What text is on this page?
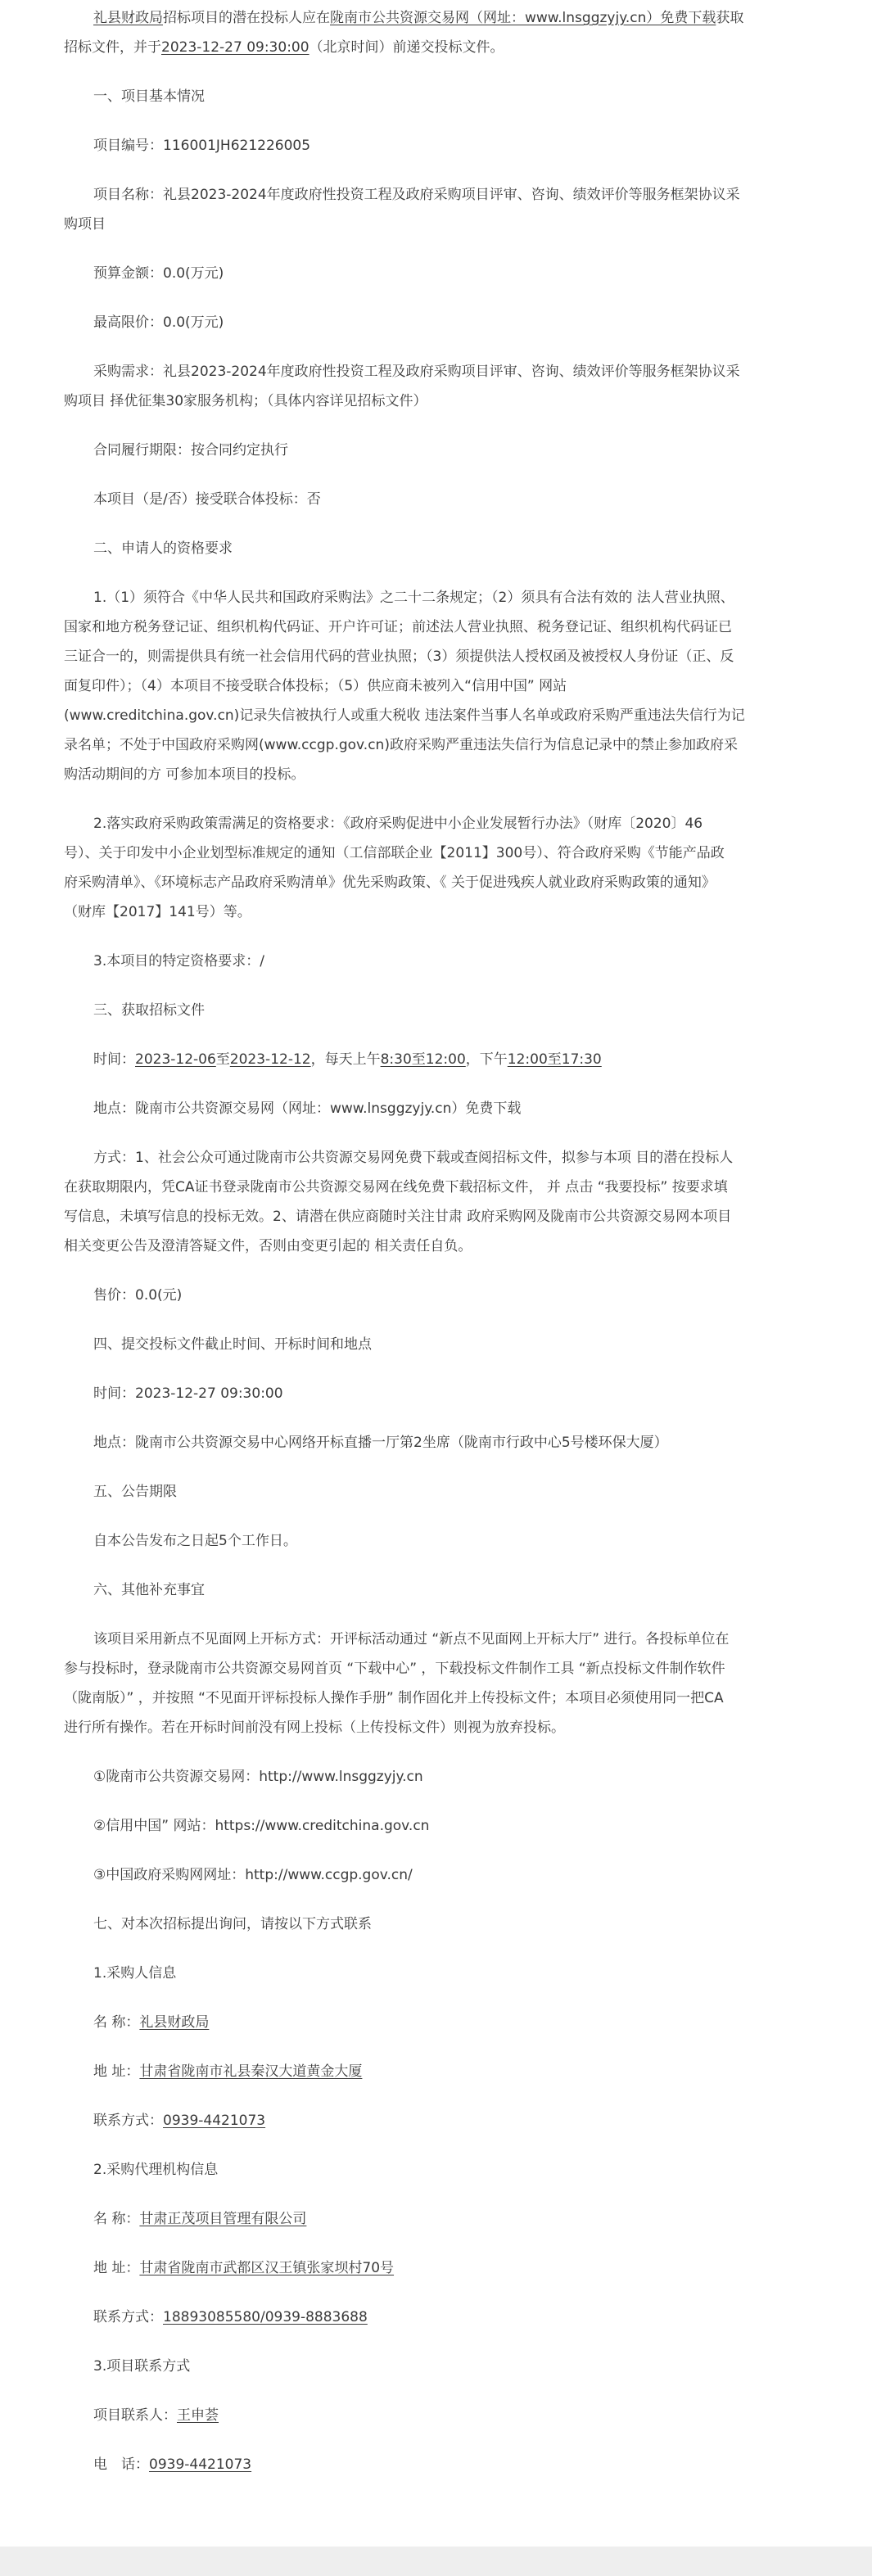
礼县财政局招标项目的潜在投标人应在陇南市公共资源交易网（网址：www.lnsggzyjy.cn）免费下载获取

招标文件，并于2023-12-27 09:30:00（北京时间）前递交投标文件。

一、项目基本情况

项目编号：116001JH621226005

项目名称：礼县2023-2024年度政府性投资工程及政府采购项目评审、咨询、绩效评价等服务框架协议采

购项目

预算金额：0.0(万元)

最高限价：0.0(万元)

采购需求：礼县2023-2024年度政府性投资工程及政府采购项目评审、咨询、绩效评价等服务框架协议采

购项目 择优征集30家服务机构；（具体内容详见招标文件）

合同履行期限：按合同约定执行

本项目（是/否）接受联合体投标：否

二、申请人的资格要求

1.（1）须符合《中华人民共和国政府采购法》之二十二条规定；（2）须具有合法有效的 法人营业执照、

国家和地方税务登记证、组织机构代码证、开户许可证；前述法人营业执照、税务登记证、组织机构代码证已

三证合一的，则需提供具有统一社会信用代码的营业执照；（3）须提供法人授权函及被授权人身份证（正、反

面复印件）；（4）本项目不接受联合体投标；（5）供应商未被列入“信用中国” 网站

(www.creditchina.gov.cn)记录失信被执行人或重大税收 违法案件当事人名单或政府采购严重违法失信行为记

录名单；不处于中国政府采购网(www.ccgp.gov.cn)政府采购严重违法失信行为信息记录中的禁止参加政府采

购活动期间的方 可参加本项目的投标。

2.落实政府采购政策需满足的资格要求：《政府采购促进中小企业发展暂行办法》（财库〔2020〕46

号）、关于印发中小企业划型标准规定的通知（工信部联企业【2011】300号）、符合政府采购《节能产品政

府采购清单》、《环境标志产品政府采购清单》优先采购政策、《 关于促进残疾人就业政府采购政策的通知》

（财库【2017】141号）等。

3.本项目的特定资格要求：/

三、获取招标文件

时间：2023-12-06至2023-12-12，每天上午8:30至12:00，下午12:00至17:30

地点：陇南市公共资源交易网（网址：www.lnsggzyjy.cn）免费下载

方式：1、社会公众可通过陇南市公共资源交易网免费下载或查阅招标文件，拟参与本项 目的潜在投标人

在获取期限内，凭CA证书登录陇南市公共资源交易网在线免费下载招标文件， 并 点击 “我要投标” 按要求填

写信息，未填写信息的投标无效。2、请潜在供应商随时关注甘肃 政府采购网及陇南市公共资源交易网本项目

相关变更公告及澄清答疑文件，否则由变更引起的 相关责任自负。

售价：0.0(元)

四、提交投标文件截止时间、开标时间和地点

时间：2023-12-27 09:30:00

地点：陇南市公共资源交易中心网络开标直播一厅第2坐席（陇南市行政中心5号楼环保大厦）

五、公告期限

自本公告发布之日起5个工作日。

六、其他补充事宜

该项目采用新点不见面网上开标方式：开评标活动通过 “新点不见面网上开标大厅” 进行。各投标单位在

参与投标时，登录陇南市公共资源交易网首页 “下载中心” ，下载投标文件制作工具 “新点投标文件制作软件

（陇南版）” ，并按照 “不见面开评标投标人操作手册” 制作固化并上传投标文件；本项目必须使用同一把CA

进行所有操作。若在开标时间前没有网上投标（上传投标文件）则视为放弃投标。

①陇南市公共资源交易网：http://www.lnsggzyjy.cn

②信用中国” 网站：https://www.creditchina.gov.cn

③中国政府采购网网址：http://www.ccgp.gov.cn/

七、对本次招标提出询问，请按以下方式联系

1.采购人信息

名 称：礼县财政局

地 址：甘肃省陇南市礼县秦汉大道黄金大厦

联系方式：0939-4421073

2.采购代理机构信息

名 称：甘肃正茂项目管理有限公司

地 址：甘肃省陇南市武都区汉王镇张家坝村70号

联系方式：18893085580/0939-8883688

3.项目联系方式

项目联系人：王申荟

电　话：0939-4421073
